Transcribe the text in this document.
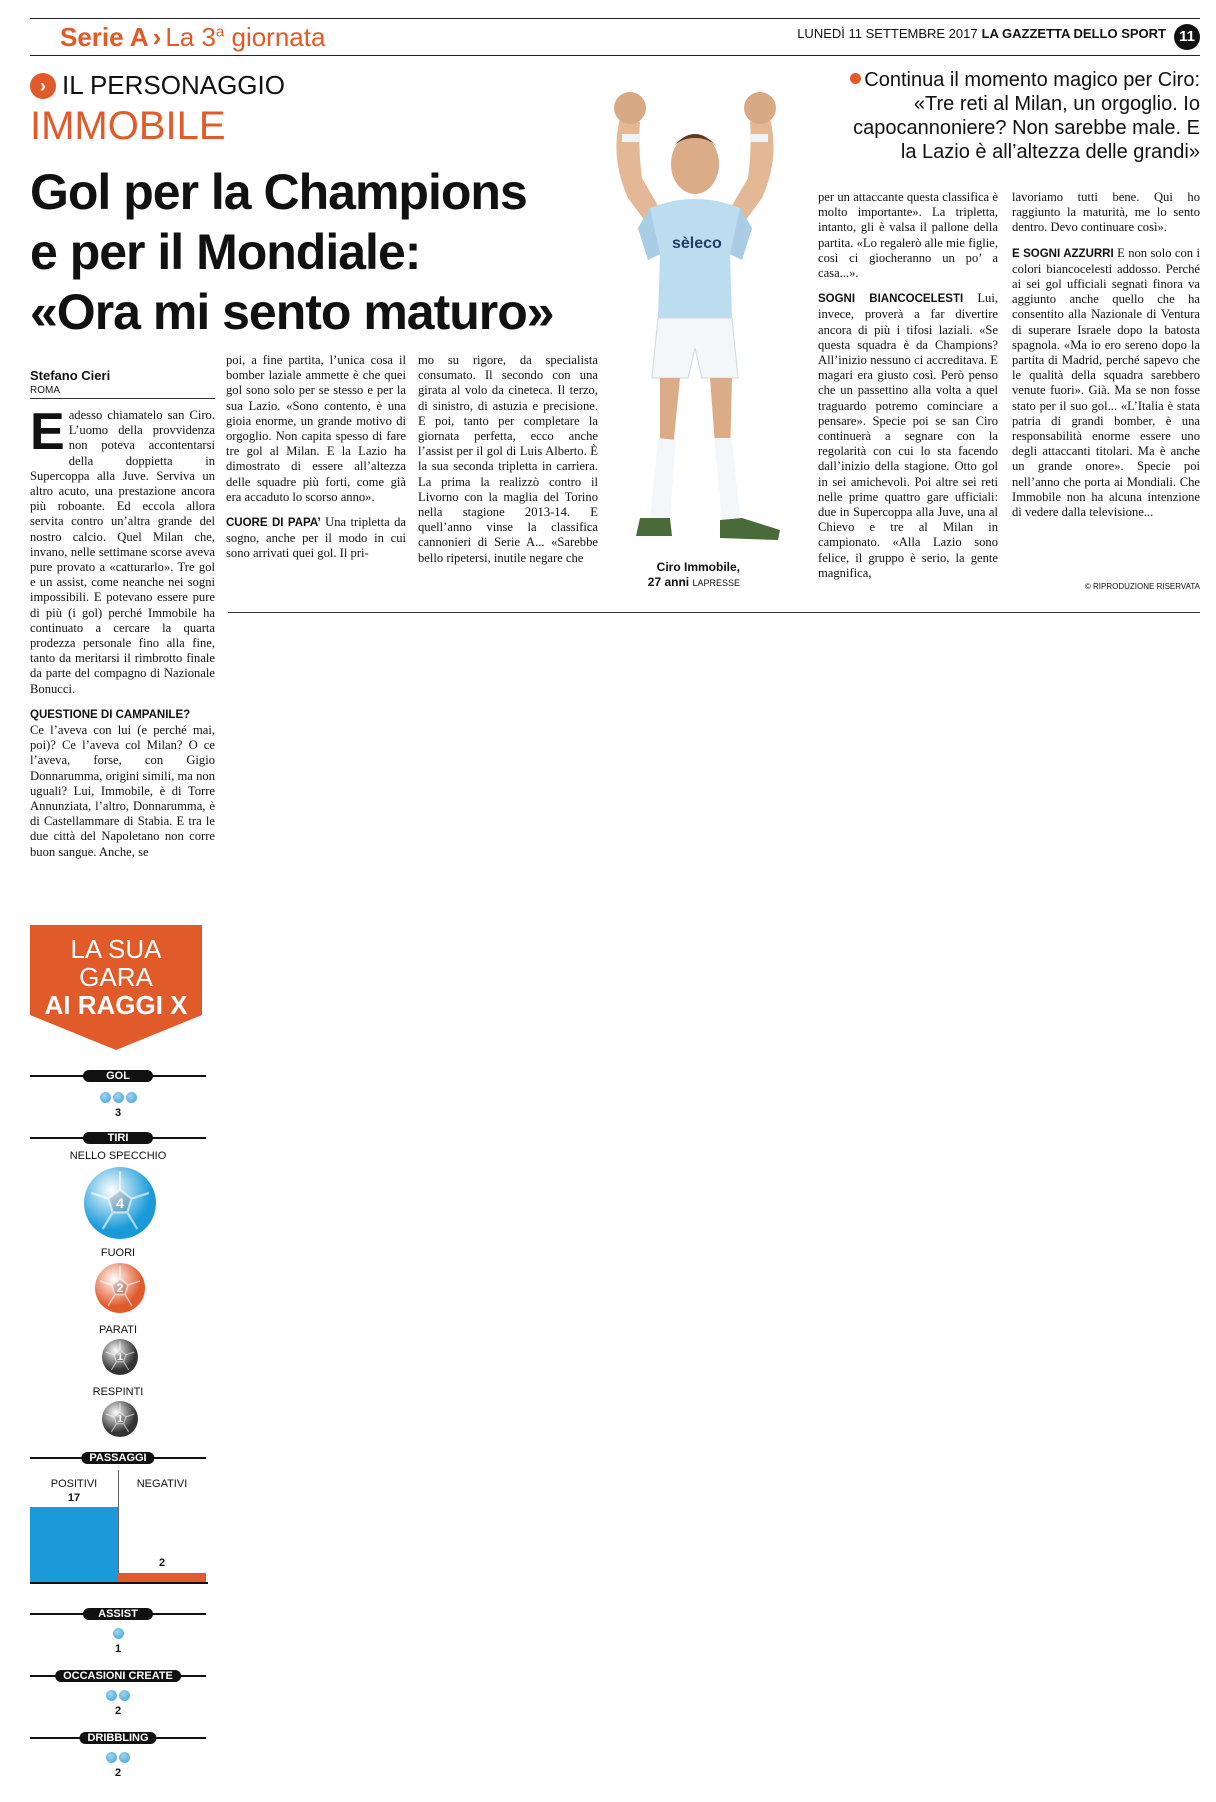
Serie A › La 3$^a$ giornata	LUNEDÌ 11 SETTEMBRE 2017 LA GAZZETTA DELLO SPORT 11
› IL PERSONAGGIO
IMMOBILE
Gol per la Champions
e per il Mondiale:
«Ora mi sento maturo»
sèleco
Ciro Immobile,
27 anni LAPRESSE
Continua il momento magico per Ciro: «Tre reti al Milan, un orgoglio. Io capocannoniere? Non sarebbe male. E la Lazio è all’altezza delle grandi»
Stefano Cieri
ROMA

Eadesso chiamatelo san Ciro. L’uomo della provvidenza non poteva accontentarsi della doppietta in Supercoppa alla Juve. Serviva un altro acuto, una prestazione ancora più roboante. Ed eccola allora servita contro un’altra grande del nostro calcio. Quel Milan che, invano, nelle settimane scorse aveva pure provato a «catturarlo». Tre gol e un assist, come neanche nei sogni impossibili. E potevano essere pure di più (i gol) perché Immobile ha continuato a cercare la quarta prodezza personale fino alla fine, tanto da meritarsi il rimbrotto finale da parte del compagno di Nazionale Bonucci.

QUESTIONE DI CAMPANILE?
Ce l’aveva con lui (e perché mai, poi)? Ce l’aveva col Milan? O ce l’aveva, forse, con Gigio Donnarumma, origini simili, ma non uguali? Lui, Immobile, è di Torre Annunziata, l’altro, Donnarumma, è di Castellammare di Stabia. E tra le due città del Napoletano non corre buon sangue. Anche, se

poi, a fine partita, l’unica cosa il bomber laziale ammette è che quei gol sono solo per se stesso e per la sua Lazio. «Sono contento, è una gioia enorme, un grande motivo di orgoglio. Non capita spesso di fare tre gol al Milan. E la Lazio ha dimostrato di essere all’altezza delle squadre più forti, come già era accaduto lo scorso anno».

CUORE DI PAPA’ Una tripletta da sogno, anche per il modo in cui sono arrivati quei gol. Il pri-

mo su rigore, da specialista consumato. Il secondo con una girata al volo da cineteca. Il terzo, di sinistro, di astuzia e precisione. E poi, tanto per completare la giornata perfetta, ecco anche l’assist per il gol di Luis Alberto. È la sua seconda tripletta in carriera. La prima la realizzò contro il Livorno con la maglia del Torino nella stagione 2013-14. E quell’anno vinse la classifica cannonieri di Serie A... «Sarebbe bello ripetersi, inutile negare che

per un attaccante questa classifica è molto importante». La tripletta, intanto, gli è valsa il pallone della partita. «Lo regalerò alle mie figlie, così ci giocheranno un po’ a casa...».

SOGNI BIANCOCELESTI Lui, invece, proverà a far divertire ancora di più i tifosi laziali. «Se questa squadra è da Champions? All’inizio nessuno ci accreditava. E magari era giusto così. Però penso che un passettino alla volta a quel traguardo potremo cominciare a pensarе». Specie poi se san Ciro continuerà a segnare con la regolarità con cui lo sta facendo dall’inizio della stagione. Otto gol in sei amichevoli. Poi altre sei reti nelle prime quattro gare ufficiali: due in Supercoppa alla Juve, una al Chievo e tre al Milan in campionato. «Alla Lazio sono felice, il gruppo è serio, la gente magnifica,

lavoriamo tutti bene. Qui ho raggiunto la maturità, me lo sento dentro. Devo continuare così».

E SOGNI AZZURRI E non solo con i colori biancocelesti addosso. Perché ai sei gol ufficiali segnati finora va aggiunto anche quello che ha consentito alla Nazionale di Ventura di superare Israele dopo la batosta spagnola. «Ma io ero sereno dopo la partita di Madrid, perché sapevo che le qualità della squadra sarebbero venute fuori». Già. Ma se non fosse stato per il suo gol... «L’Italia è stata patria di grandi bomber, è una responsabilità enorme essere uno degli attaccanti titolari. Ma è anche un grande onore». Specie poi nell’anno che porta ai Mondiali. Che Immobile non ha alcuna intenzione di vedere dalla televisione...

© RIPRODUZIONE RISERVATA
LA SUA
GARA
AI RAGGI X
GOL
3
TIRI
NELLO SPECCHIO
4
FUORI
2
PARATI
1
RESPINTI
1
PASSAGGI
POSITIVI	NEGATIVI
17
2
ASSIST
1
OCCASIONI CREATE
2
DRIBBLING
2
